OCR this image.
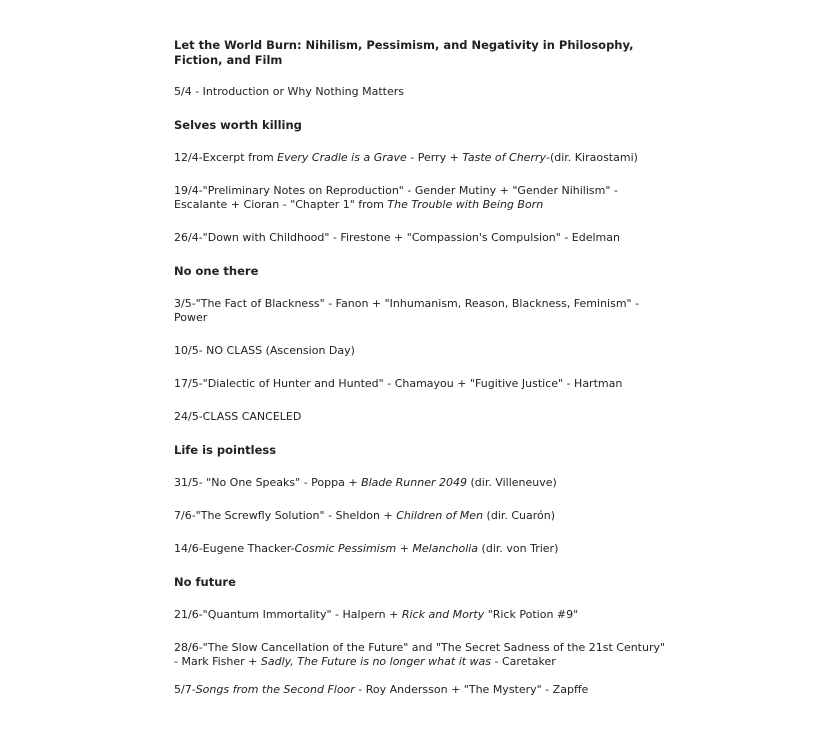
Let the World Burn: Nihilism, Pessimism, and Negativity in Philosophy, Fiction, and Film
5/4 - Introduction or Why Nothing Matters
Selves worth killing
12/4-Excerpt from Every Cradle is a Grave - Perry + Taste of Cherry-(dir. Kiraostami)
19/4-"Preliminary Notes on Reproduction" - Gender Mutiny + "Gender Nihilism" - Escalante + Cioran - "Chapter 1" from The Trouble with Being Born
26/4-"Down with Childhood" - Firestone + "Compassion's Compulsion" - Edelman
No one there
3/5-"The Fact of Blackness" - Fanon + "Inhumanism, Reason, Blackness, Feminism" - Power
10/5- NO CLASS (Ascension Day)
17/5-"Dialectic of Hunter and Hunted" - Chamayou + "Fugitive Justice" - Hartman
24/5-CLASS CANCELED
Life is pointless
31/5- "No One Speaks" - Poppa + Blade Runner 2049 (dir. Villeneuve)
7/6-"The Screwfly Solution" - Sheldon + Children of Men (dir. Cuarón)
14/6-Eugene Thacker-Cosmic Pessimism + Melancholia (dir. von Trier)
No future
21/6-"Quantum Immortality" - Halpern + Rick and Morty "Rick Potion #9"
28/6-"The Slow Cancellation of the Future" and "The Secret Sadness of the 21st Century" - Mark Fisher + Sadly, The Future is no longer what it was - Caretaker
5/7-Songs from the Second Floor - Roy Andersson + "The Mystery" - Zapffe
